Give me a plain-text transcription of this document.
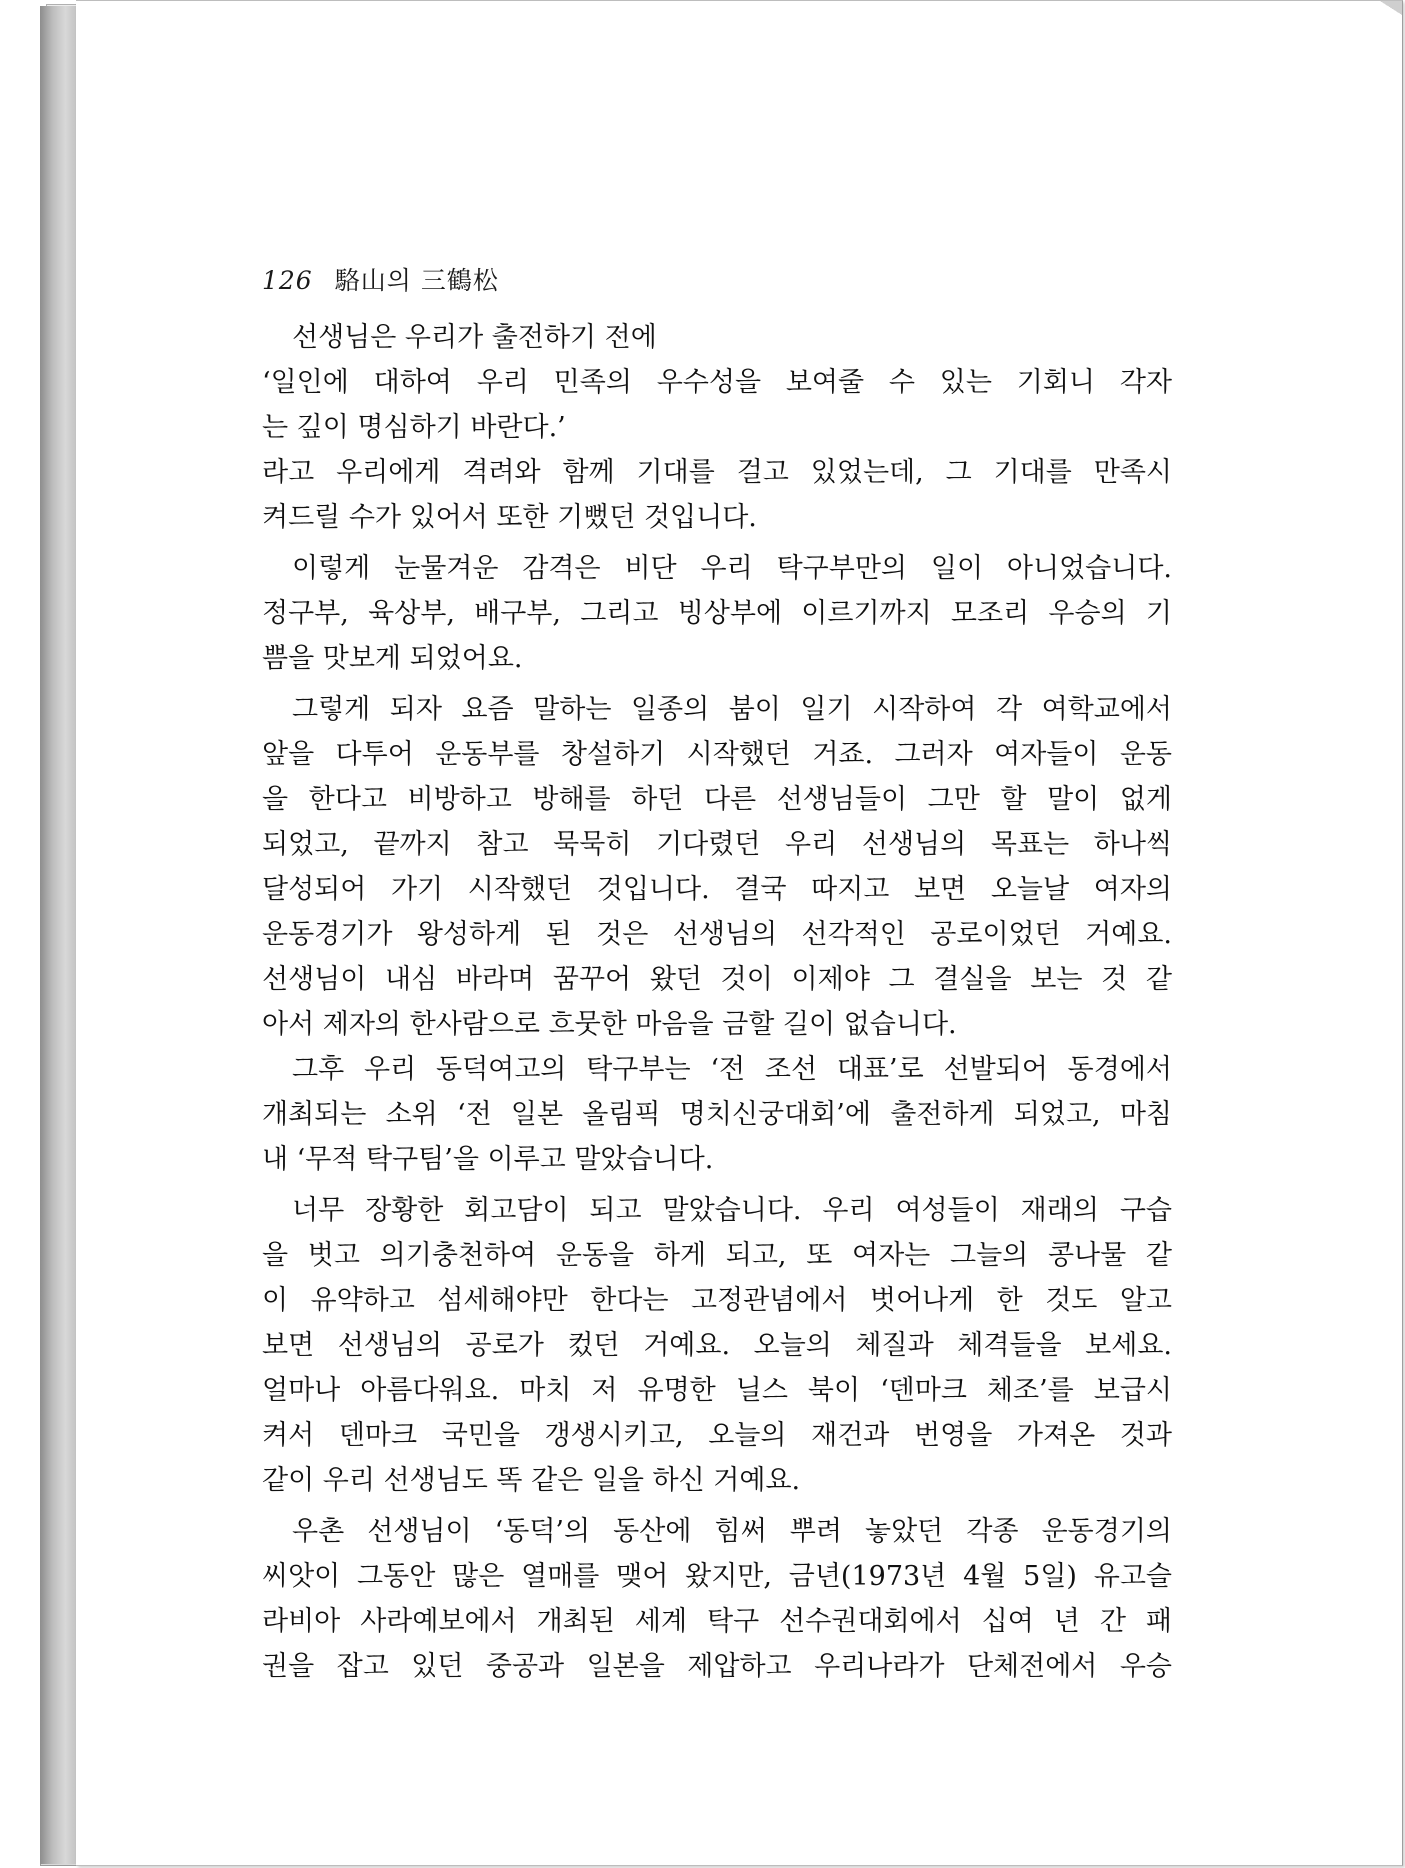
126 駱山의 三鶴松
선생님은 우리가 출전하기 전에
‘일인에 대하여 우리 민족의 우수성을 보여줄 수 있는 기회니 각자
는 깊이 명심하기 바란다.’
라고 우리에게 격려와 함께 기대를 걸고 있었는데, 그 기대를 만족시
켜드릴 수가 있어서 또한 기뻤던 것입니다.
이렇게 눈물겨운 감격은 비단 우리 탁구부만의 일이 아니었습니다.
정구부, 육상부, 배구부, 그리고 빙상부에 이르기까지 모조리 우승의 기
쁨을 맛보게 되었어요.
그렇게 되자 요즘 말하는 일종의 붐이 일기 시작하여 각 여학교에서
앞을 다투어 운동부를 창설하기 시작했던 거죠. 그러자 여자들이 운동
을 한다고 비방하고 방해를 하던 다른 선생님들이 그만 할 말이 없게
되었고, 끝까지 참고 묵묵히 기다렸던 우리 선생님의 목표는 하나씩
달성되어 가기 시작했던 것입니다. 결국 따지고 보면 오늘날 여자의
운동경기가 왕성하게 된 것은 선생님의 선각적인 공로이었던 거예요.
선생님이 내심 바라며 꿈꾸어 왔던 것이 이제야 그 결실을 보는 것 같
아서 제자의 한사람으로 흐뭇한 마음을 금할 길이 없습니다.
그후 우리 동덕여고의 탁구부는 ‘전 조선 대표’로 선발되어 동경에서
개최되는 소위 ‘전 일본 올림픽 명치신궁대회’에 출전하게 되었고, 마침
내 ‘무적 탁구팀’을 이루고 말았습니다.
너무 장황한 회고담이 되고 말았습니다. 우리 여성들이 재래의 구습
을 벗고 의기충천하여 운동을 하게 되고, 또 여자는 그늘의 콩나물 같
이 유약하고 섬세해야만 한다는 고정관념에서 벗어나게 한 것도 알고
보면 선생님의 공로가 컸던 거예요. 오늘의 체질과 체격들을 보세요.
얼마나 아름다워요. 마치 저 유명한 닐스 북이 ‘덴마크 체조’를 보급시
켜서 덴마크 국민을 갱생시키고, 오늘의 재건과 번영을 가져온 것과
같이 우리 선생님도 똑 같은 일을 하신 거예요.
우촌 선생님이 ‘동덕’의 동산에 힘써 뿌려 놓았던 각종 운동경기의
씨앗이 그동안 많은 열매를 맺어 왔지만, 금년(1973년 4월 5일) 유고슬
라비아 사라예보에서 개최된 세계 탁구 선수권대회에서 십여 년 간 패
권을 잡고 있던 중공과 일본을 제압하고 우리나라가 단체전에서 우승
